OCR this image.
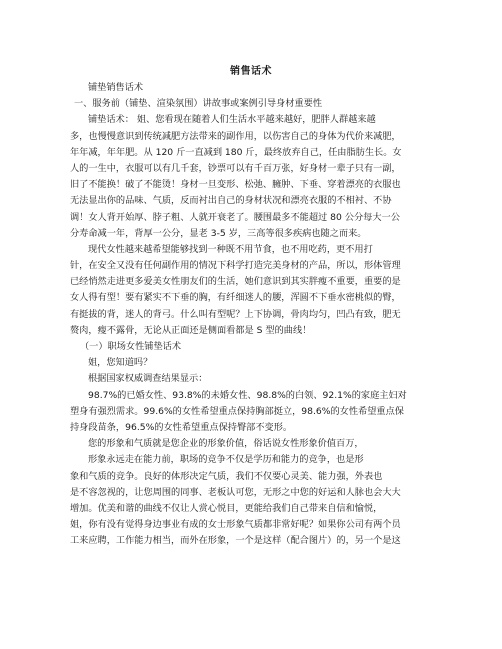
销售话术
铺垫销售话术
一、服务前（铺垫、渲染氛围）讲故事或案例引导身材重要性
铺垫话术： 姐、您看现在随着人们生活水平越来越好，肥胖人群越来越
多，也慢慢意识到传统减肥方法带来的副作用，以伤害自己的身体为代价来减肥，
年年减，年年肥。从 120 斤一直减到 180 斤，最终放弃自己，任由脂肪生长。女
人的一生中，衣服可以有几千套，钞票可以有千百万张，好身材一辈子只有一副，
旧了不能换！破了不能烫！身材一旦变形、松弛、臃肿、下垂、穿着漂亮的衣服也
无法显出你的品味、气质，反而衬出自己的身材状况和漂亮衣服的不相衬、不协
调！女人背开始厚、脖子粗、人就开衰老了。腰围最多不能超过 80 公分每大一公
分寿命减一年，背厚一公分，显老 3-5 岁，三高等很多疾病也随之而来。
现代女性越来越希望能够找到一种既不用节食，也不用吃药，更不用打
针，在安全又没有任何副作用的情况下科学打造完美身材的产品，所以，形体管理
已经悄然走进更多爱美女性朋友们的生活，她们意识到其实胖瘦不重要，重要的是
女人得有型！要有紧实不下垂的胸，有纤细迷人的腰，浑圆不下垂水密桃似的臀，
有挺拔的背，迷人的背弓。什么叫有型呢？上下协调，骨肉均匀，凹凸有致，肥无
赘肉，瘦不露骨，无论从正面还是侧面看都是 S 型的曲线！
（一）职场女性铺垫话术
姐，您知道吗？
根据国家权威调查结果显示：
98.7%的已婚女性、93.8%的未婚女性、98.8%的白领、92.1%的家庭主妇对
塑身有强烈需求。99.6%的女性希望重点保持胸部挺立，98.6%的女性希望重点保
持身段苗条，96.5%的女性希望重点保持臀部不变形。
您的形象和气质就是您企业的形象价值，俗话说女性形象价值百万，
形象永远走在能力前，职场的竞争不仅是学历和能力的竞争，也是形
象和气质的竞争。良好的体形决定气质，我们不仅要心灵美、能力强，外表也
是不容忽视的，让您周围的同事、老板认可您，无形之中您的好运和人脉也会大大
增加。优美和谐的曲线不仅让人赏心悦目，更能给我们自己带来自信和愉悦，
姐，你有没有觉得身边事业有成的女士形象气质都非常好呢？如果你公司有两个员
工来应聘，工作能力相当，而外在形象，一个是这样（配合图片）的，另一个是这
